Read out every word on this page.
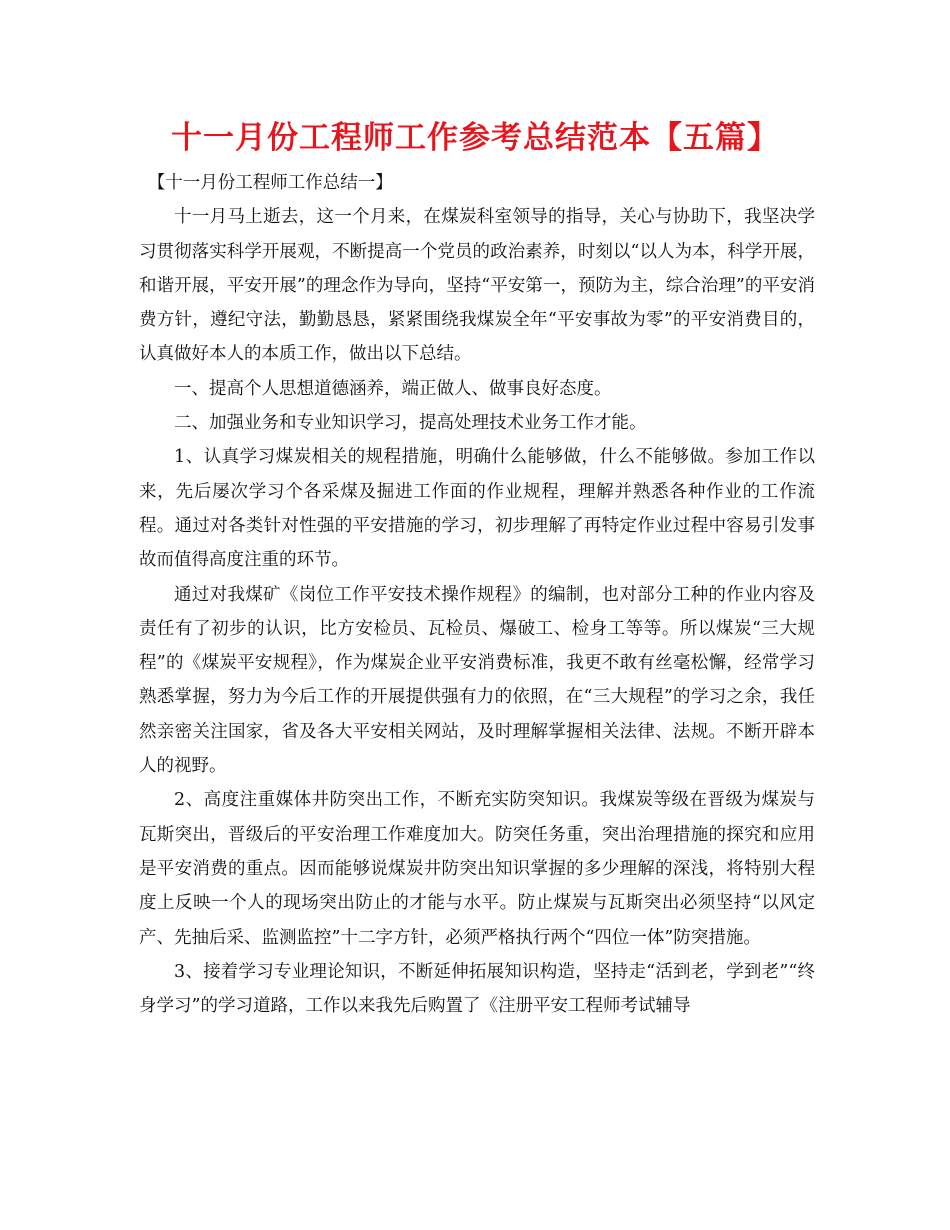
十一月份工程师工作参考总结范本【五篇】

【十一月份工程师工作总结一】

十一月马上逝去，这一个月来，在煤炭科室领导的指导，关心与协助下，我坚决学习贯彻落实科学开展观，不断提高一个党员的政治素养，时刻以“以人为本，科学开展，和谐开展，平安开展”的理念作为导向，坚持“平安第一，预防为主，综合治理”的平安消费方针，遵纪守法，勤勤恳恳，紧紧围绕我煤炭全年“平安事故为零”的平安消费目的，认真做好本人的本质工作，做出以下总结。

一、提高个人思想道德涵养，端正做人、做事良好态度。

二、加强业务和专业知识学习，提高处理技术业务工作才能。

1、认真学习煤炭相关的规程措施，明确什么能够做，什么不能够做。参加工作以来，先后屡次学习个各采煤及掘进工作面的作业规程，理解并熟悉各种作业的工作流程。通过对各类针对性强的平安措施的学习，初步理解了再特定作业过程中容易引发事故而值得高度注重的环节。

通过对我煤矿《岗位工作平安技术操作规程》的编制，也对部分工种的作业内容及责任有了初步的认识，比方安检员、瓦检员、爆破工、检身工等等。所以煤炭“三大规程”的《煤炭平安规程》，作为煤炭企业平安消费标准，我更不敢有丝毫松懈，经常学习熟悉掌握，努力为今后工作的开展提供强有力的依照，在“三大规程”的学习之余，我任然亲密关注国家，省及各大平安相关网站，及时理解掌握相关法律、法规。不断开辟本人的视野。

2、高度注重媒体井防突出工作，不断充实防突知识。我煤炭等级在晋级为煤炭与瓦斯突出，晋级后的平安治理工作难度加大。防突任务重，突出治理措施的探究和应用是平安消费的重点。因而能够说煤炭井防突出知识掌握的多少理解的深浅，将特别大程度上反映一个人的现场突出防止的才能与水平。防止煤炭与瓦斯突出必须坚持“以风定产、先抽后采、监测监控”十二字方针，必须严格执行两个“四位一体”防突措施。

3、接着学习专业理论知识，不断延伸拓展知识构造，坚持走“活到老，学到老”“终身学习”的学习道路，工作以来我先后购置了《注册平安工程师考试辅导
